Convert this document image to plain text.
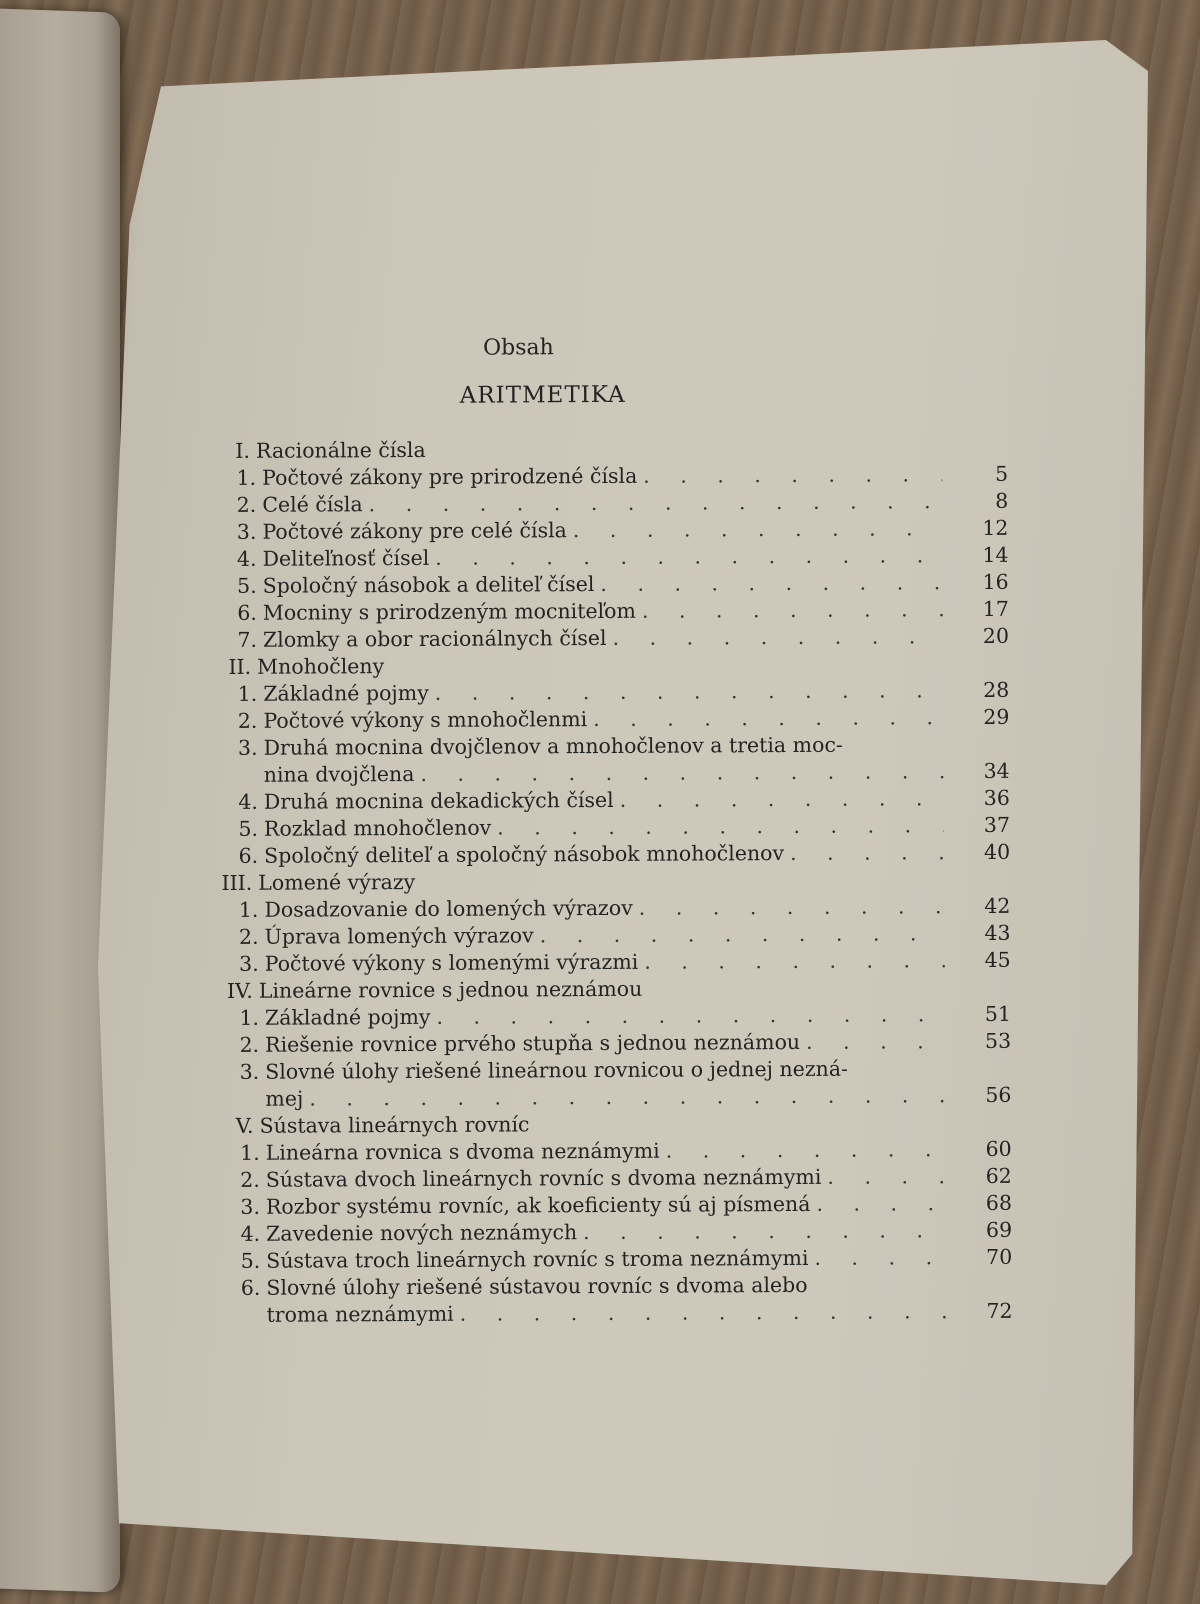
Obsah
ARITMETIKA
I. Racionálne čísla
1. Počtové zákony pre prirodzené čísla . . .	5
2. Celé čísla . . .	8
3. Počtové zákony pre celé čísla . . .	12
4. Deliteľnosť čísel . . .	14
5. Spoločný násobok a deliteľ čísel . . .	16
6. Mocniny s prirodzeným mocniteľom . . .	17
7. Zlomky a obor racionálnych čísel . . .	20
II. Mnohočleny
1. Základné pojmy . . .	28
2. Počtové výkony s mnohočlenmi . . .	29
3. Druhá mocnina dvojčlenov a mnohočlenov a tretia moc-
nina dvojčlena . . .	34
4. Druhá mocnina dekadických čísel . . .	36
5. Rozklad mnohočlenov . . .	37
6. Spoločný deliteľ a spoločný násobok mnohočlenov . . .	40
III. Lomené výrazy
1. Dosadzovanie do lomených výrazov . . .	42
2. Úprava lomených výrazov . . .	43
3. Počtové výkony s lomenými výrazmi . . .	45
IV. Lineárne rovnice s jednou neznámou
1. Základné pojmy . . .	51
2. Riešenie rovnice prvého stupňa s jednou neznámou . . .	53
3. Slovné úlohy riešené lineárnou rovnicou o jednej nezná-
mej . . .	56
V. Sústava lineárnych rovníc
1. Lineárna rovnica s dvoma neznámymi . . .	60
2. Sústava dvoch lineárnych rovníc s dvoma neznámymi . . .	62
3. Rozbor systému rovníc, ak koeficienty sú aj písmená . . .	68
4. Zavedenie nových neznámych . . .	69
5. Sústava troch lineárnych rovníc s troma neznámymi . . .	70
6. Slovné úlohy riešené sústavou rovníc s dvoma alebo
troma neznámymi . . .	72
